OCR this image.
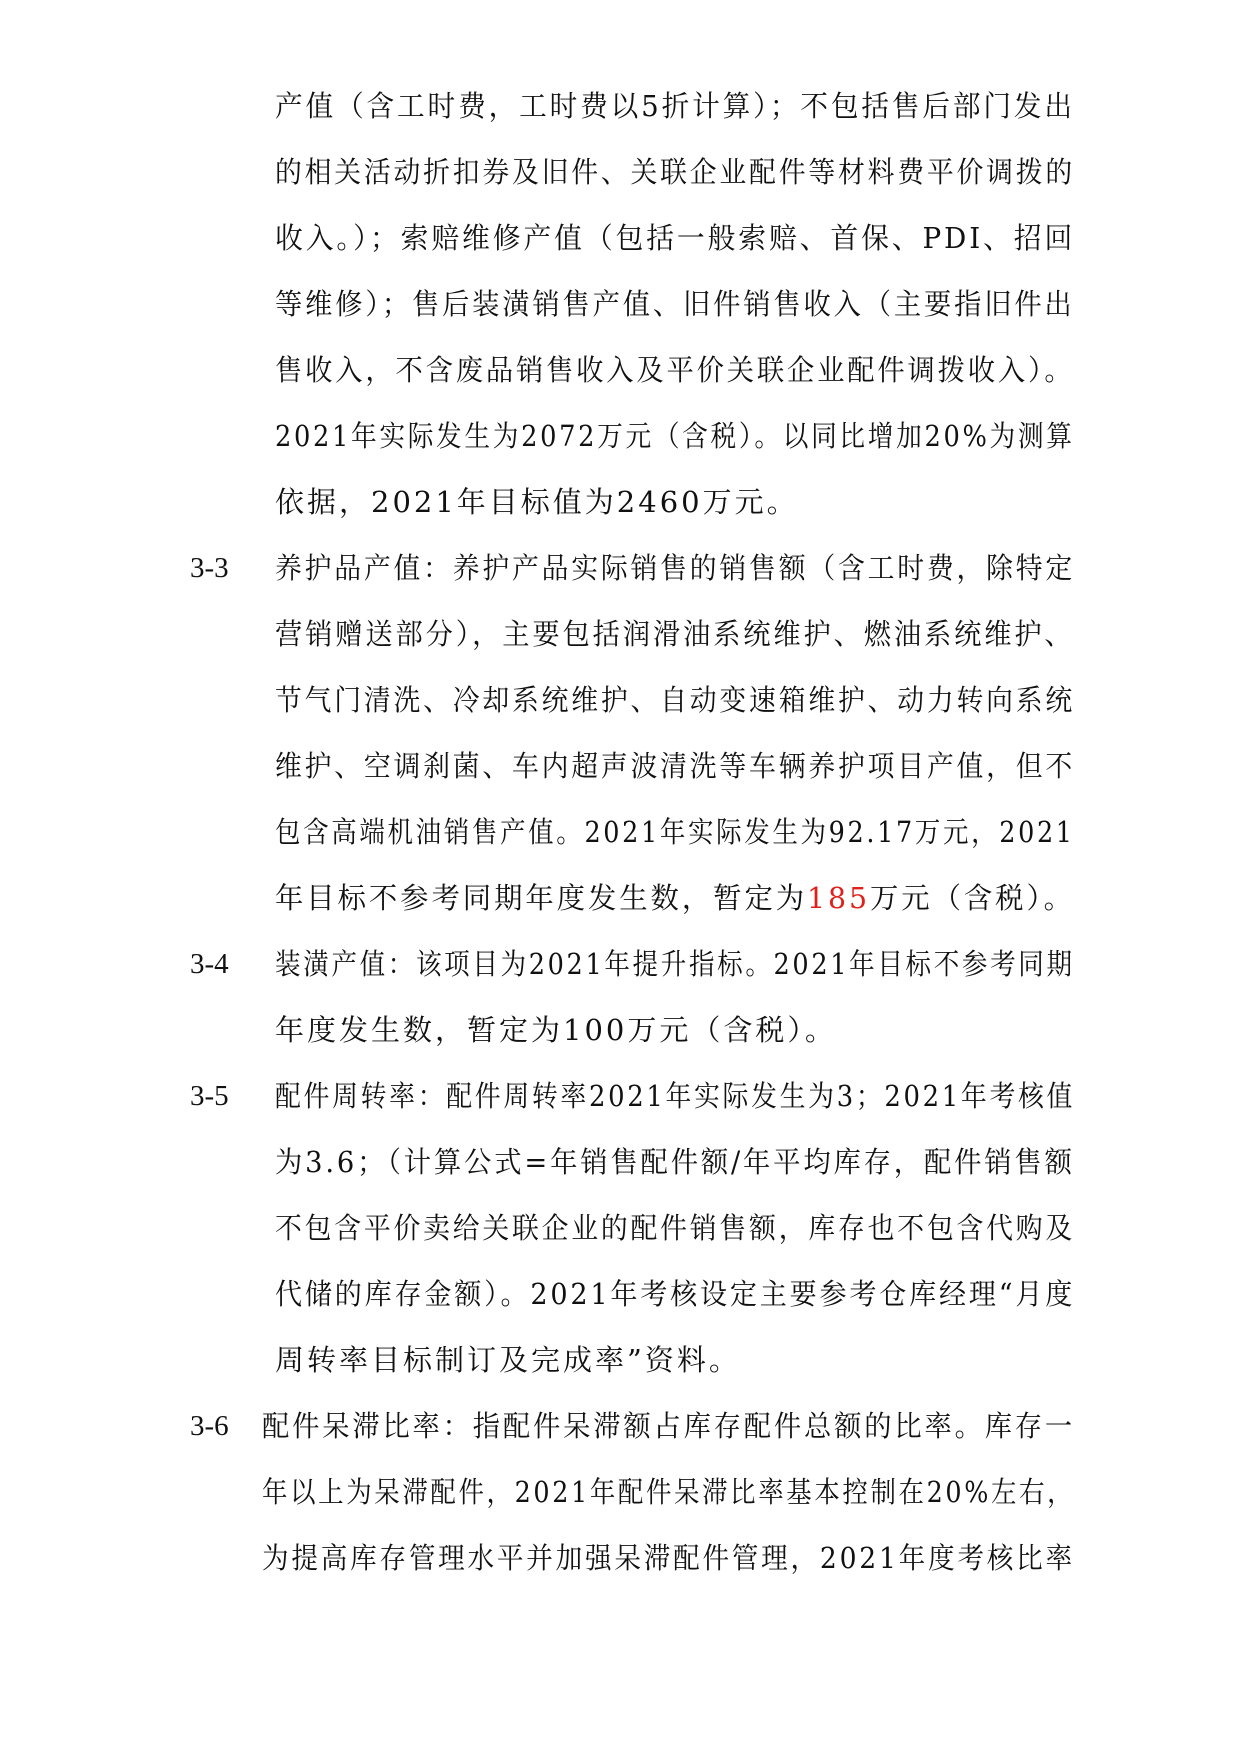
产值（含工时费，工时费以5折计算）；不包括售后部门发出
的相关活动折扣券及旧件、关联企业配件等材料费平价调拨的
收入。）；索赔维修产值（包括一般索赔、首保、PDI、招回
等维修）；售后装潢销售产值、旧件销售收入（主要指旧件出
售收入，不含废品销售收入及平价关联企业配件调拨收入）。
2021年实际发生为2072万元（含税）。以同比增加20%为测算
依据，2021年目标值为2460万元。
3-3 养护品产值：养护产品实际销售的销售额（含工时费，除特定
营销赠送部分），主要包括润滑油系统维护、燃油系统维护、
节气门清洗、冷却系统维护、自动变速箱维护、动力转向系统
维护、空调刹菌、车内超声波清洗等车辆养护项目产值，但不
包含高端机油销售产值。2021年实际发生为92.17万元，2021
年目标不参考同期年度发生数，暂定为185万元（含税）。
3-4 装潢产值：该项目为2021年提升指标。2021年目标不参考同期
年度发生数，暂定为100万元（含税）。
3-5 配件周转率：配件周转率2021年实际发生为3；2021年考核值
为3.6；（计算公式=年销售配件额/年平均库存，配件销售额
不包含平价卖给关联企业的配件销售额，库存也不包含代购及
代储的库存金额）。2021年考核设定主要参考仓库经理“月度
周转率目标制订及完成率”资料。
3-6 配件呆滞比率：指配件呆滞额占库存配件总额的比率。库存一
年以上为呆滞配件，2021年配件呆滞比率基本控制在20%左右，
为提高库存管理水平并加强呆滞配件管理，2021年度考核比率
